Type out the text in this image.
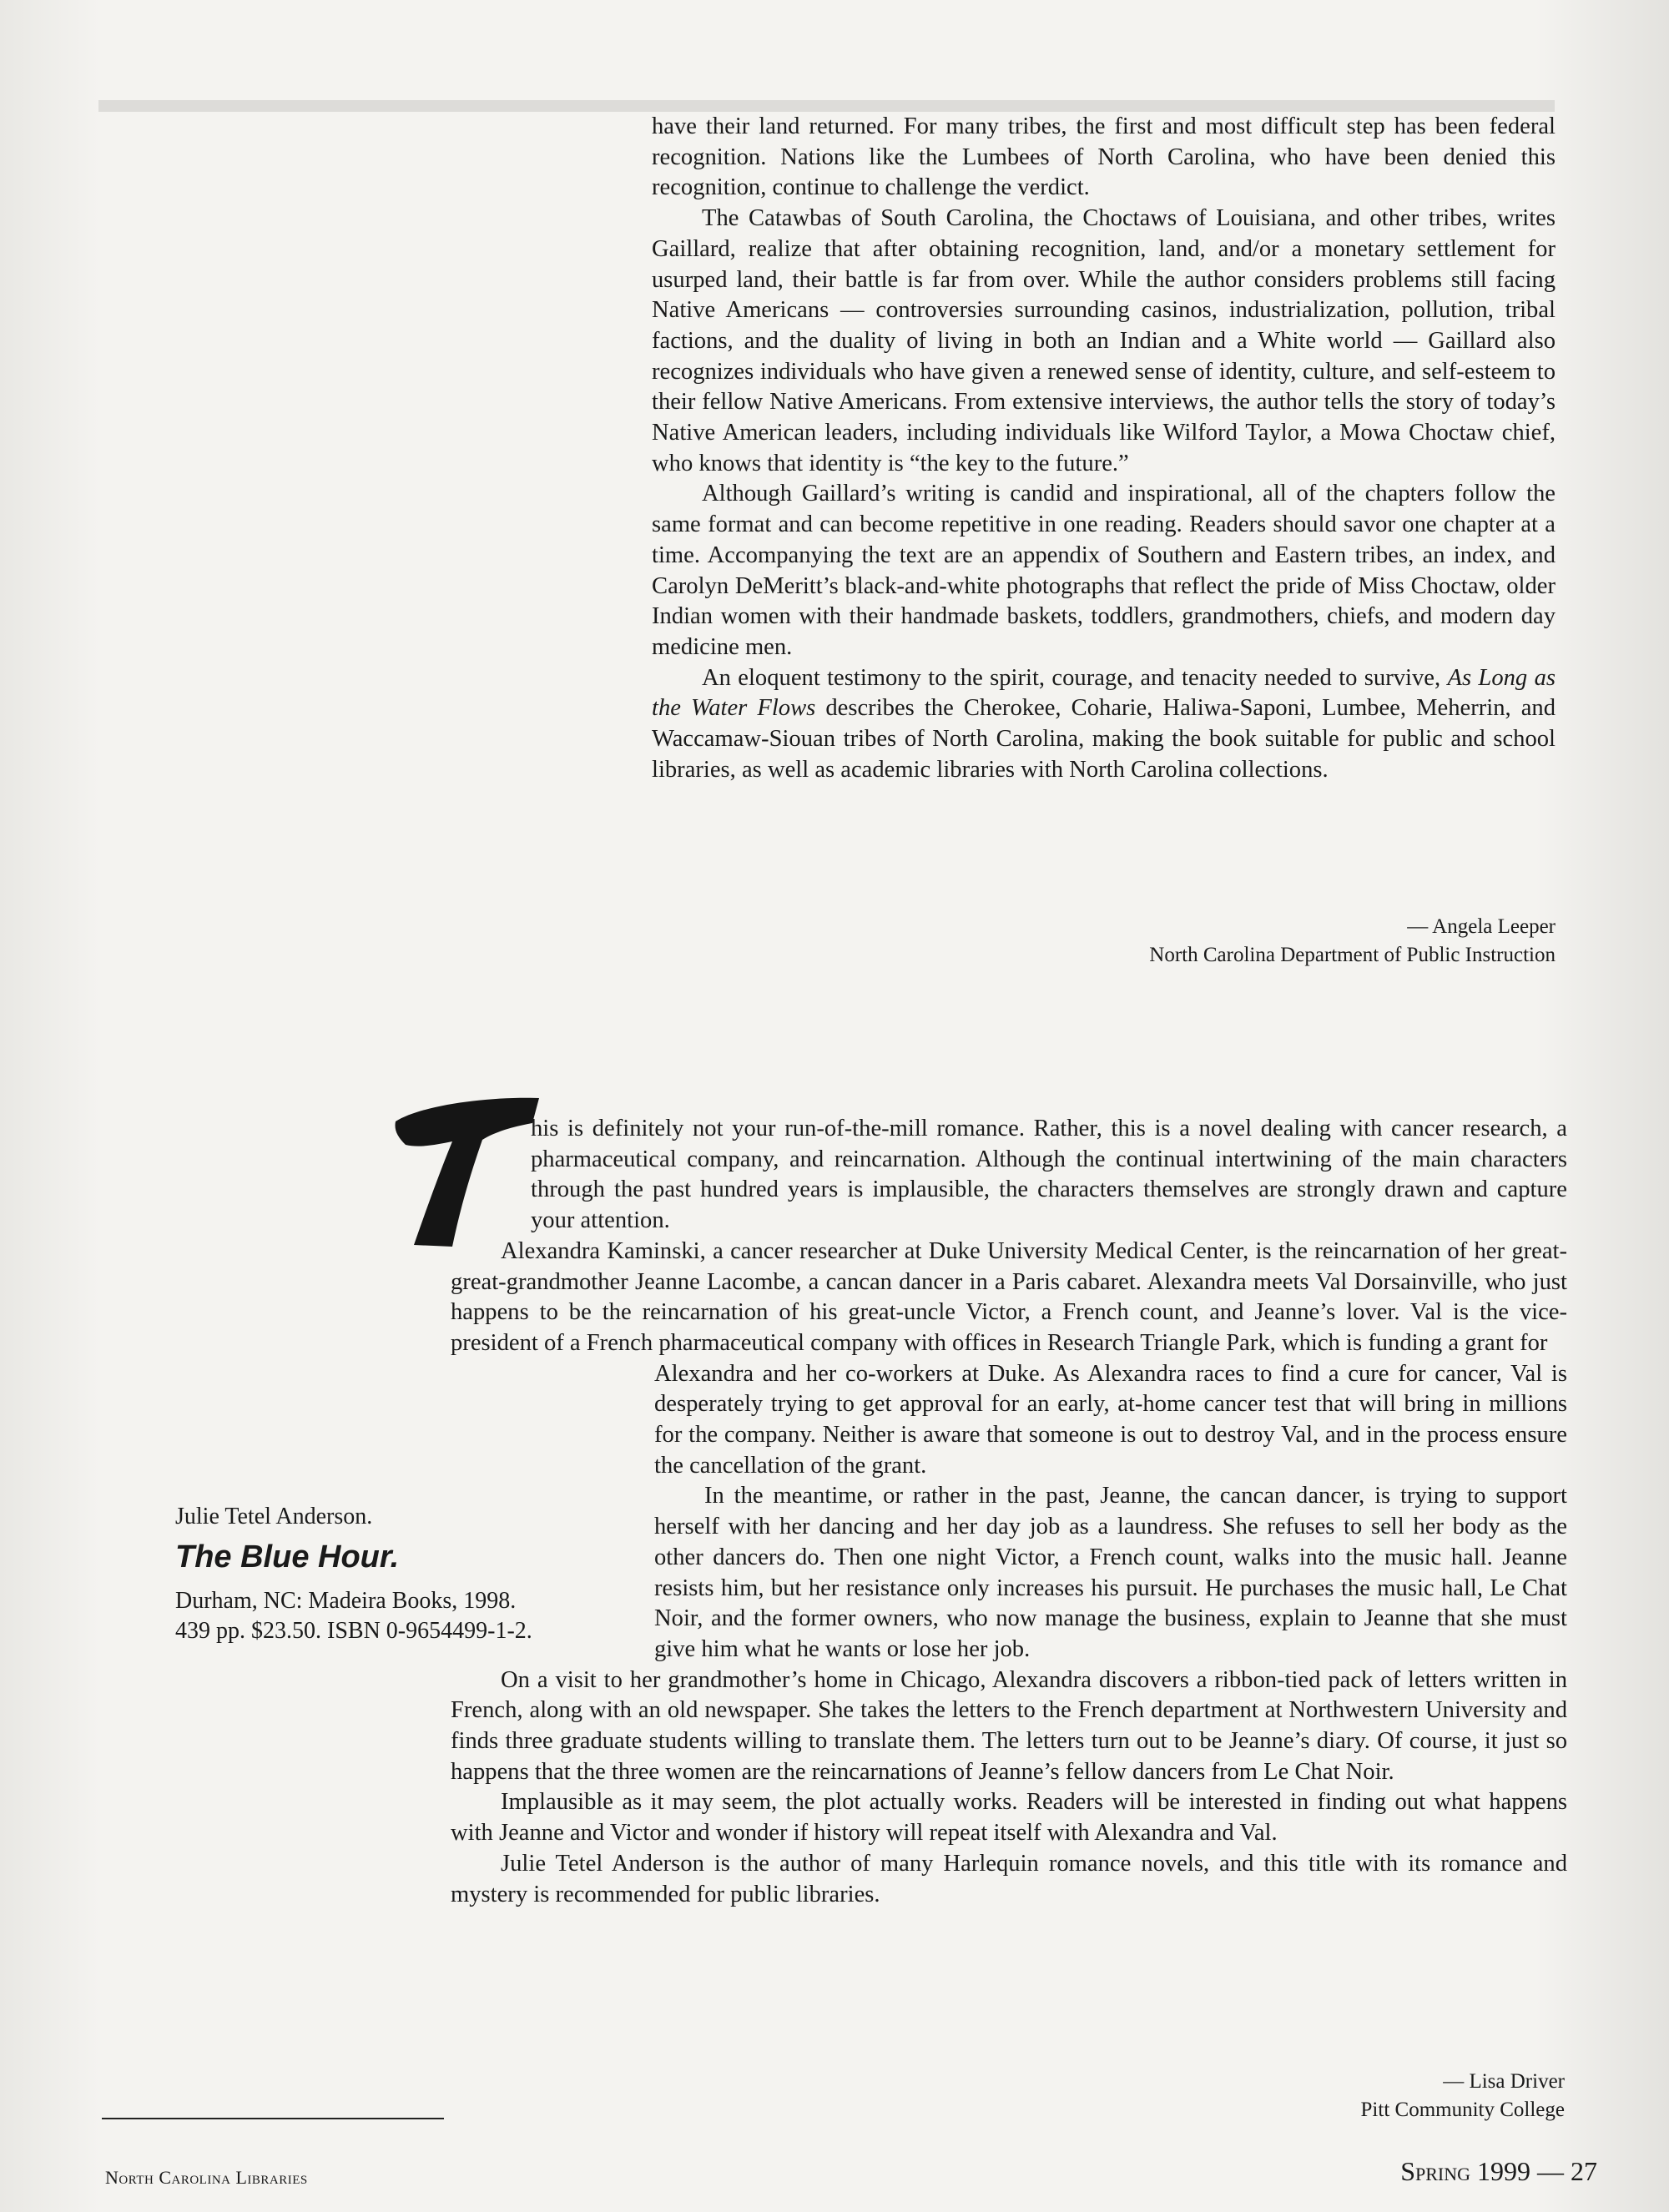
have their land returned. For many tribes, the first and most difficult step has been federal recognition. Nations like the Lumbees of North Carolina, who have been denied this recognition, continue to challenge the verdict.

The Catawbas of South Carolina, the Choctaws of Louisiana, and other tribes, writes Gaillard, realize that after obtaining recognition, land, and/or a monetary settlement for usurped land, their battle is far from over. While the author considers problems still facing Native Americans — controversies surrounding casinos, industrialization, pollution, tribal factions, and the duality of living in both an Indian and a White world — Gaillard also recognizes individuals who have given a renewed sense of identity, culture, and self-esteem to their fellow Native Americans. From extensive interviews, the author tells the story of today’s Native American leaders, including individuals like Wilford Taylor, a Mowa Choctaw chief, who knows that identity is “the key to the future.”

Although Gaillard’s writing is candid and inspirational, all of the chapters follow the same format and can become repetitive in one reading. Readers should savor one chapter at a time. Accompanying the text are an appendix of Southern and Eastern tribes, an index, and Carolyn DeMeritt’s black-and-white photographs that reflect the pride of Miss Choctaw, older Indian women with their handmade baskets, toddlers, grandmothers, chiefs, and modern day medicine men.

An eloquent testimony to the spirit, courage, and tenacity needed to survive, As Long as the Water Flows describes the Cherokee, Coharie, Haliwa-Saponi, Lumbee, Meherrin, and Waccamaw-Siouan tribes of North Carolina, making the book suitable for public and school libraries, as well as academic libraries with North Carolina collections.

— Angela Leeper
North Carolina Department of Public Instruction

his is definitely not your run-of-the-mill romance. Rather, this is a novel dealing with cancer research, a pharmaceutical company, and reincarnation. Although the continual intertwining of the main characters through the past hundred years is implausible, the characters themselves are strongly drawn and capture your attention.

Alexandra Kaminski, a cancer researcher at Duke University Medical Center, is the reincarnation of her great-great-grandmother Jeanne Lacombe, a cancan dancer in a Paris cabaret. Alexandra meets Val Dorsainville, who just happens to be the reincarnation of his great-uncle Victor, a French count, and Jeanne’s lover. Val is the vice-president of a French pharmaceutical company with offices in Research Triangle Park, which is funding a grant for

Alexandra and her co-workers at Duke. As Alexandra races to find a cure for cancer, Val is desperately trying to get approval for an early, at-home cancer test that will bring in millions for the company. Neither is aware that someone is out to destroy Val, and in the process ensure the cancellation of the grant.

In the meantime, or rather in the past, Jeanne, the cancan dancer, is trying to support herself with her dancing and her day job as a laundress. She refuses to sell her body as the other dancers do. Then one night Victor, a French count, walks into the music hall. Jeanne resists him, but her resistance only increases his pursuit. He purchases the music hall, Le Chat Noir, and the former owners, who now manage the business, explain to Jeanne that she must give him what he wants or lose her job.

On a visit to her grandmother’s home in Chicago, Alexandra discovers a ribbon-tied pack of letters written in French, along with an old newspaper. She takes the letters to the French department at Northwestern University and finds three graduate students willing to translate them. The letters turn out to be Jeanne’s diary. Of course, it just so happens that the three women are the reincarnations of Jeanne’s fellow dancers from Le Chat Noir.

Implausible as it may seem, the plot actually works. Readers will be interested in finding out what happens with Jeanne and Victor and wonder if history will repeat itself with Alexandra and Val.

Julie Tetel Anderson is the author of many Harlequin romance novels, and this title with its romance and mystery is recommended for public libraries.

Julie Tetel Anderson.

The Blue Hour.

Durham, NC: Madeira Books, 1998.

439 pp. $23.50. ISBN 0-9654499-1-2.

— Lisa Driver
Pitt Community College
North Carolina Libraries	Spring 1999 — 27
